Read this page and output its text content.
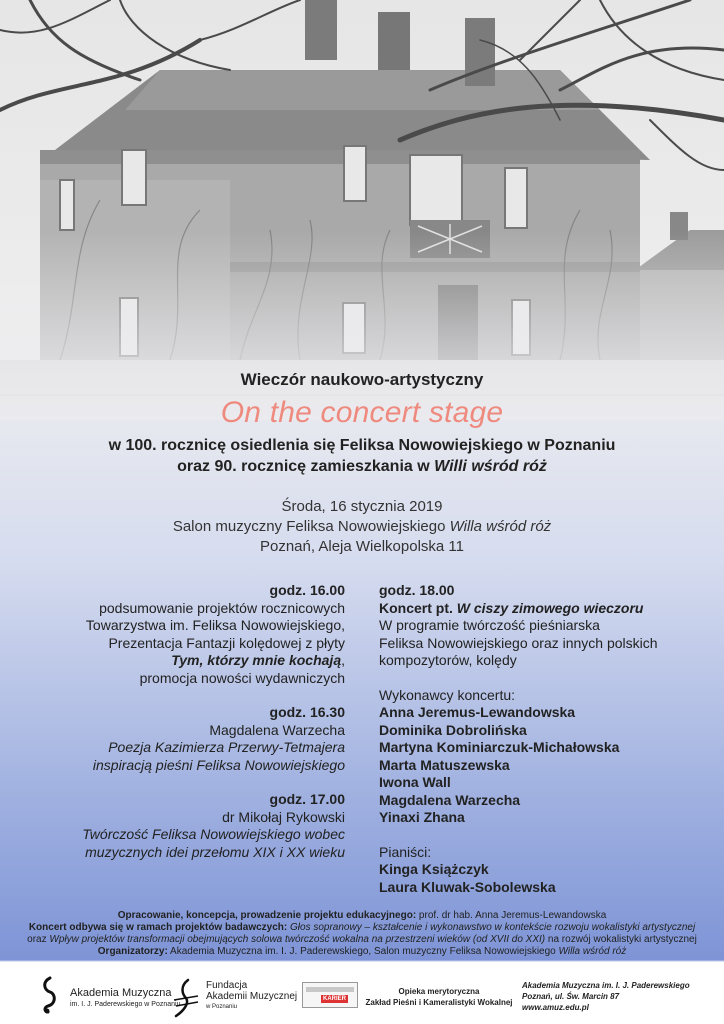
Wieczór naukowo-artystyczny
On the concert stage
w 100. rocznicę osiedlenia się Feliksa Nowowiejskiego w Poznaniu
oraz 90. rocznicę zamieszkania w Willi wśród róż
Środa, 16 stycznia 2019
Salon muzyczny Feliksa Nowowiejskiego Willa wśród róż
Poznań, Aleja Wielkopolska 11
godz. 16.00
podsumowanie projektów rocznicowych
Towarzystwa im. Feliksa Nowowiejskiego,
Prezentacja Fantazji kolędowej z płyty
Tym, którzy mnie kochają,
promocja nowości wydawniczych
godz. 16.30
Magdalena Warzecha
Poezja Kazimierza Przerwy-Tetmajera
inspiracją pieśni Feliksa Nowowiejskiego
godz. 17.00
dr Mikołaj Rykowski
Twórczość Feliksa Nowowiejskiego wobec
muzycznych idei przełomu XIX i XX wieku
godz. 18.00
Koncert pt. W ciszy zimowego wieczoru
W programie twórczość pieśniarska
Feliksa Nowowiejskiego oraz innych polskich
kompozytorów, kolędy
Wykonawcy koncertu:
Anna Jeremus-Lewandowska
Dominika Dobrolińska
Martyna Kominiarczuk-Michałowska
Marta Matuszewska
Iwona Wall
Magdalena Warzecha
Yinaxi Zhana
Pianiści:
Kinga Książczyk
Laura Kluwak-Sobolewska
Opracowanie, koncepcja, prowadzenie projektu edukacyjnego: prof. dr hab. Anna Jeremus-Lewandowska
Koncert odbywa się w ramach projektów badawczych: Głos sopranowy – kształcenie i wykonawstwo w kontekście rozwoju wokalistyki artystycznej
oraz Wpływ projektów transformacji obejmujących solowa twórczość wokalna na przestrzeni wieków (od XVII do XXI) na rozwój wokalistyki artystycznej
Organizatorzy: Akademia Muzyczna im. I. J. Paderewskiego, Salon muzyczny Feliksa Nowowiejskiego Willa wśród róż
Akademia Muzyczna
im. I. J. Paderewskiego w Poznaniu
Fundacja
Akademii Muzycznej
w Poznaniu
KARIER
Opieka merytoryczna
Zakład Pieśni i Kameralistyki Wokalnej
Akademia Muzyczna im. I. J. Paderewskiego
Poznań, ul. Św. Marcin 87
www.amuz.edu.pl
